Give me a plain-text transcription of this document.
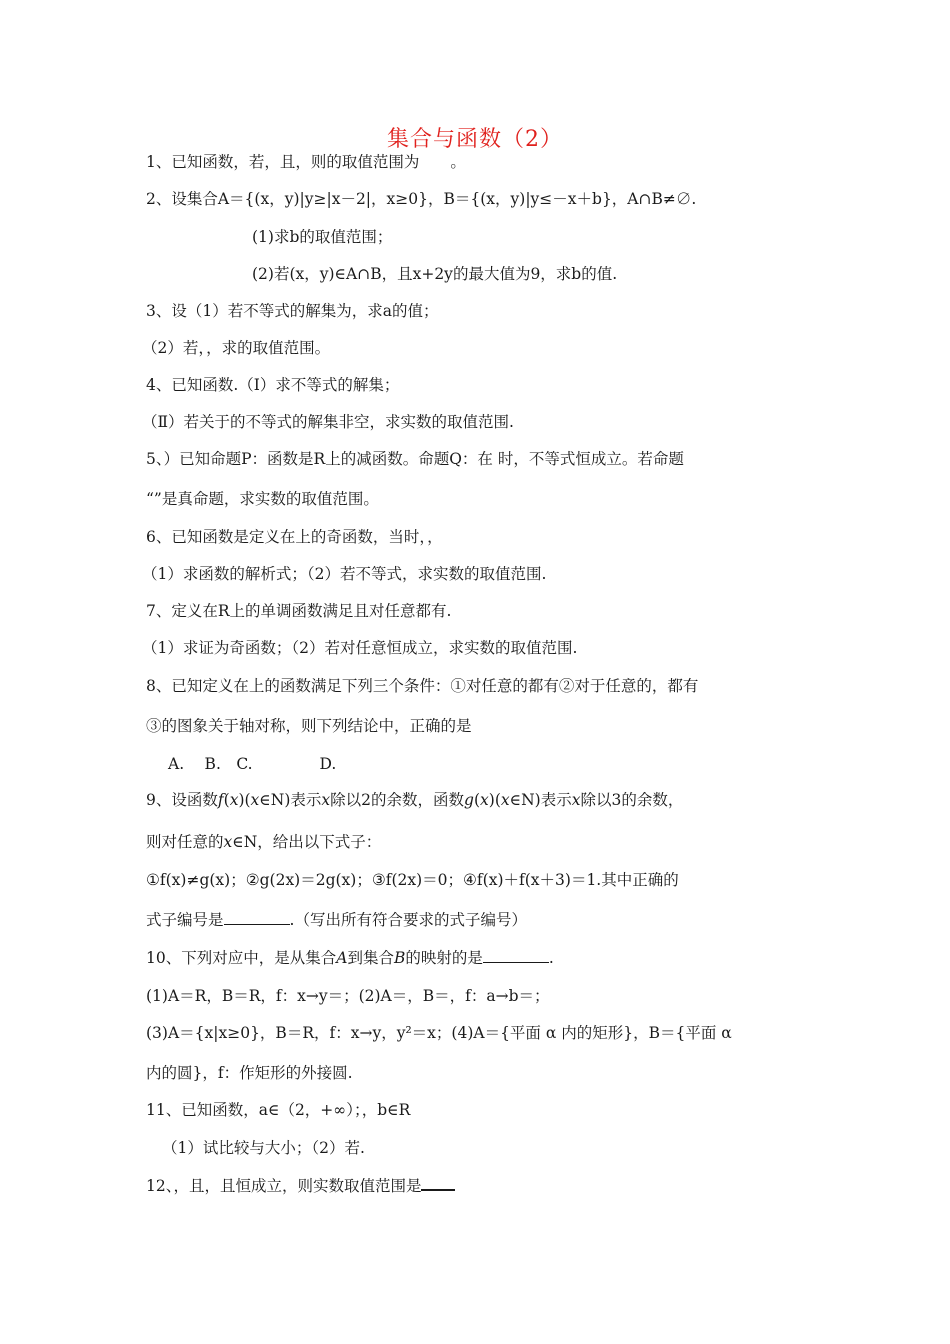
集合与函数（2）
1、已知函数，若，且，则的取值范围为　　。
2、设集合A＝{(x，y)|y≥|x－2|，x≥0}，B＝{(x，y)|y≤－x＋b}，A∩B≠∅.
(1)求b的取值范围；
(2)若(x，y)∈A∩B，且x+2y的最大值为9，求b的值.
3、设（1）若不等式的解集为，求a的值；
（2）若，，求的取值范围。
4、已知函数.（Ⅰ）求不等式的解集；
（Ⅱ）若关于的不等式的解集非空，求实数的取值范围.
5、）已知命题P：函数是R上的减函数。命题Q：在 时，不等式恒成立。若命题
“”是真命题，求实数的取值范围。
6、已知函数是定义在上的奇函数，当时，，
（1）求函数的解析式；（2）若不等式，求实数的取值范围.
7、定义在R上的单调函数满足且对任意都有.
（1）求证为奇函数；（2）若对任意恒成立，求实数的取值范围.
8、已知定义在上的函数满足下列三个条件：①对任意的都有②对于任意的，都有
③的图象关于轴对称，则下列结论中，正确的是
A.　 B.　C.　　　　 D.
9、设函数f(x)(x∈N)表示x除以2的余数，函数g(x)(x∈N)表示x除以3的余数，
则对任意的x∈N，给出以下式子：
①f(x)≠g(x)；②g(2x)＝2g(x)；③f(2x)＝0；④f(x)＋f(x＋3)＝1.其中正确的
式子编号是	.（写出所有符合要求的式子编号）
10、下列对应中，是从集合A到集合B的映射的是	.
(1)A＝R，B＝R，f：x→y＝；(2)A＝，B＝，f：a→b＝；
(3)A＝{x|x≥0}，B＝R，f：x→y，y²＝x；(4)A＝{平面 α 内的矩形}，B＝{平面 α
内的圆}，f：作矩形的外接圆.
11、已知函数，a∈（2，+∞）；，b∈R
（1）试比较与大小；（2）若.
12、，且，且恒成立，则实数取值范围是
